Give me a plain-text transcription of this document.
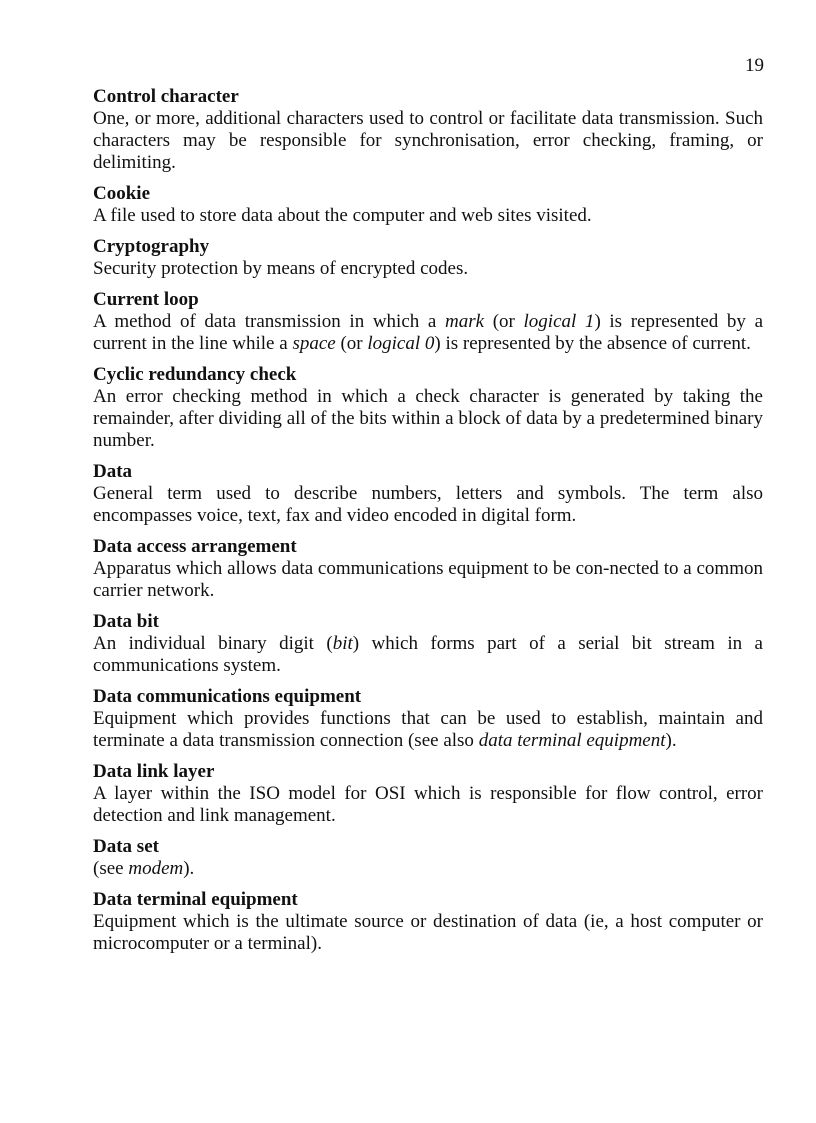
19
Control character
One, or more, additional characters used to control or facilitate data transmission. Such characters may be responsible for synchronisation, error checking, framing, or delimiting.
Cookie
A file used to store data about the computer and web sites visited.
Cryptography
Security protection by means of encrypted codes.
Current loop
A method of data transmission in which a mark (or logical 1) is represented by a current in the line while a space (or logical 0) is represented by the absence of current.
Cyclic redundancy check
An error checking method in which a check character is generated by taking the remainder, after dividing all of the bits within a block of data by a predetermined binary number.
Data
General term used to describe numbers, letters and symbols. The term also encompasses voice, text, fax and video encoded in digital form.
Data access arrangement
Apparatus which allows data communications equipment to be con-nected to a common carrier network.
Data bit
An individual binary digit (bit) which forms part of a serial bit stream in a communications system.
Data communications equipment
Equipment which provides functions that can be used to establish, maintain and terminate a data transmission connection (see also data terminal equipment).
Data link layer
A layer within the ISO model for OSI which is responsible for flow control, error detection and link management.
Data set
(see modem).
Data terminal equipment
Equipment which is the ultimate source or destination of data (ie, a host computer or microcomputer or a terminal).
